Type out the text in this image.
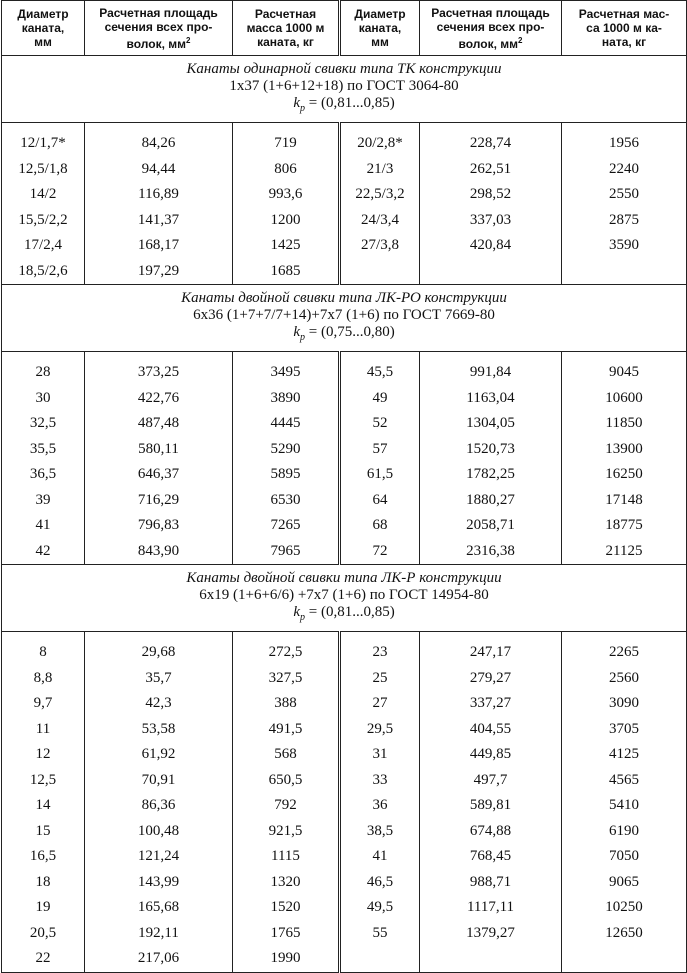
Диаметр
каната,
мм	Расчетная площадь
сечения всех про-
волок, $мм^2$	Расчетная
масса 1000 м
каната, кг	Диаметр
каната,
мм	Расчетная площадь
сечения всех про-
волок, $мм^2$	Расчетная мас-
са 1000 м ка-
ната, кг

Канаты одинарной свивки типа ТК конструкции
1x37 (1+6+12+18) по ГОСТ 3064-80
$k_p = (0,81...0,85)$					

12/1,7*	84,26	719	20/2,8*	228,74	1956
12,5/1,8	94,44	806	21/3	262,51	2240
14/2	116,89	993,6	22,5/3,2	298,52	2550
15,5/2,2	141,37	1200	24/3,4	337,03	2875
17/2,4	168,17	1425	27/3,8	420,84	3590
18,5/2,6	197,29	1685			

Канаты двойной свивки типа ЛК-РО конструкции
6x36 (1+7+7/7+14)+7x7 (1+6) по ГОСТ 7669-80
$k_p = (0,75...0,80)$					

28	373,25	3495	45,5	991,84	9045
30	422,76	3890	49	1163,04	10600
32,5	487,48	4445	52	1304,05	11850
35,5	580,11	5290	57	1520,73	13900
36,5	646,37	5895	61,5	1782,25	16250
39	716,29	6530	64	1880,27	17148
41	796,83	7265	68	2058,71	18775
42	843,90	7965	72	2316,38	21125

Канаты двойной свивки типа ЛК-Р конструкции
6x19 (1+6+6/6) +7x7 (1+6) по ГОСТ 14954-80
$k_p = (0,81...0,85)$					

8	29,68	272,5	23	247,17	2265
8,8	35,7	327,5	25	279,27	2560
9,7	42,3	388	27	337,27	3090
11	53,58	491,5	29,5	404,55	3705
12	61,92	568	31	449,85	4125
12,5	70,91	650,5	33	497,7	4565
14	86,36	792	36	589,81	5410
15	100,48	921,5	38,5	674,88	6190
16,5	121,24	1115	41	768,45	7050
18	143,99	1320	46,5	988,71	9065
19	165,68	1520	49,5	1117,11	10250
20,5	192,11	1765	55	1379,27	12650
22	217,06	1990			
